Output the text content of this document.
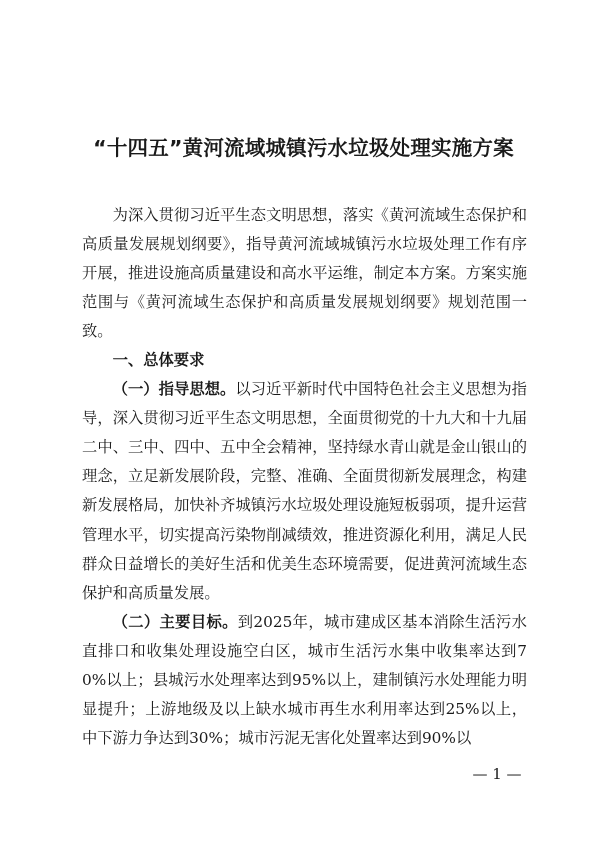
“十四五”黄河流域城镇污水垃圾处理实施方案

为深入贯彻习近平生态文明思想，落实《黄河流域生态保护和高质量发展规划纲要》，指导黄河流域城镇污水垃圾处理工作有序开展，推进设施高质量建设和高水平运维，制定本方案。方案实施范围与《黄河流域生态保护和高质量发展规划纲要》规划范围一致。

一、总体要求

（一）指导思想。以习近平新时代中国特色社会主义思想为指导，深入贯彻习近平生态文明思想，全面贯彻党的十九大和十九届二中、三中、四中、五中全会精神，坚持绿水青山就是金山银山的理念，立足新发展阶段，完整、准确、全面贯彻新发展理念，构建新发展格局，加快补齐城镇污水垃圾处理设施短板弱项，提升运营管理水平，切实提高污染物削减绩效，推进资源化利用，满足人民群众日益增长的美好生活和优美生态环境需要，促进黄河流域生态保护和高质量发展。

（二）主要目标。到2025年，城市建成区基本消除生活污水直排口和收集处理设施空白区，城市生活污水集中收集率达到70%以上；县城污水处理率达到95%以上，建制镇污水处理能力明显提升；上游地级及以上缺水城市再生水利用率达到25%以上，中下游力争达到30%；城市污泥无害化处置率达到90%以

— 1 —
